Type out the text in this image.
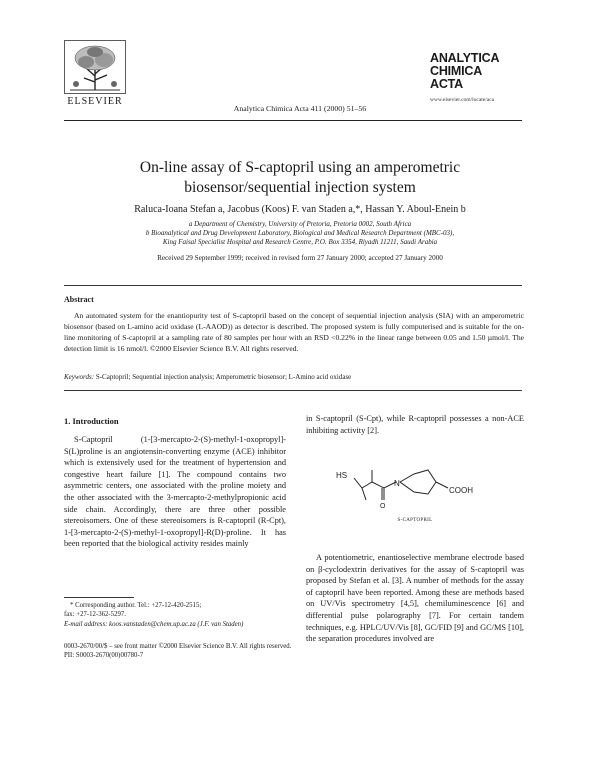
ELSEVIER
Analytica Chimica Acta 411 (2000) 51–56
ANALYTICA
CHIMICA
ACTA
www.elsevier.com/locate/aca
On-line assay of S-captopril using an amperometric
biosensor/sequential injection system
Raluca-Ioana Stefan a, Jacobus (Koos) F. van Staden a,*, Hassan Y. Aboul-Enein b
a Department of Chemistry, University of Pretoria, Pretoria 0002, South Africa
b Bioanalytical and Drug Development Laboratory, Biological and Medical Research Department (MBC-03),
King Faisal Specialist Hospital and Research Centre, P.O. Box 3354, Riyadh 11211, Saudi Arabia
Received 29 September 1999; received in revised form 27 January 2000; accepted 27 January 2000
Abstract
An automated system for the enantiopurity test of S-captopril based on the concept of sequential injection analysis (SIA) with an amperometric biosensor (based on L-amino acid oxidase (L-AAOD)) as detector is described. The proposed system is fully computerised and is suitable for the on-line monitoring of S-captopril at a sampling rate of 80 samples per hour with an RSD <0.22% in the linear range between 0.05 and 1.50 µmol/l. The detection limit is 16 nmol/l. ©2000 Elsevier Science B.V. All rights reserved.
Keywords: S-Captopril; Sequential injection analysis; Amperometric biosensor; L-Amino acid oxidase
1. Introduction

S-Captopril (1-[3-mercapto-2-(S)-methyl-1-oxopropyl]-S(L)proline is an angiotensin-converting enzyme (ACE) inhibitor which is extensively used for the treatment of hypertension and congestive heart failure [1]. The compound contains two asymmetric centers, one associated with the proline moiety and the other associated with the 3-mercapto-2-methylpropionic acid side chain. Accordingly, there are three other possible stereoisomers. One of these stereoisomers is R-captopril (R-Cpt), 1-[3-mercapto-2-(S)-methyl-1-oxopropyl]-R(D)-proline. It has been reported that the biological activity resides mainly

in S-captopril (S-Cpt), while R-captopril possesses a non-ACE inhibiting activity [2].

HS
N
O
COOH
S-CAPTOPRIL

A potentiometric, enantioselective membrane electrode based on β-cyclodextrin derivatives for the assay of S-captopril was proposed by Stefan et al. [3]. A number of methods for the assay of captopril have been reported. Among these are methods based on UV/Vis spectrometry [4,5], chemiluminescence [6] and differential pulse polarography [7]. For certain tandem techniques, e.g. HPLC/UV/Vis [8], GC/FID [9] and GC/MS [10], the separation procedures involved are

* Corresponding author. Tel.: +27-12-420-2515;
fax: +27-12-362-5297.
E-mail address: koos.vanstaden@chem.up.ac.za (J.F. van Staden)
0003-2670/00/$ – see front matter ©2000 Elsevier Science B.V. All rights reserved.
PII: S0003-2670(00)00780-7
